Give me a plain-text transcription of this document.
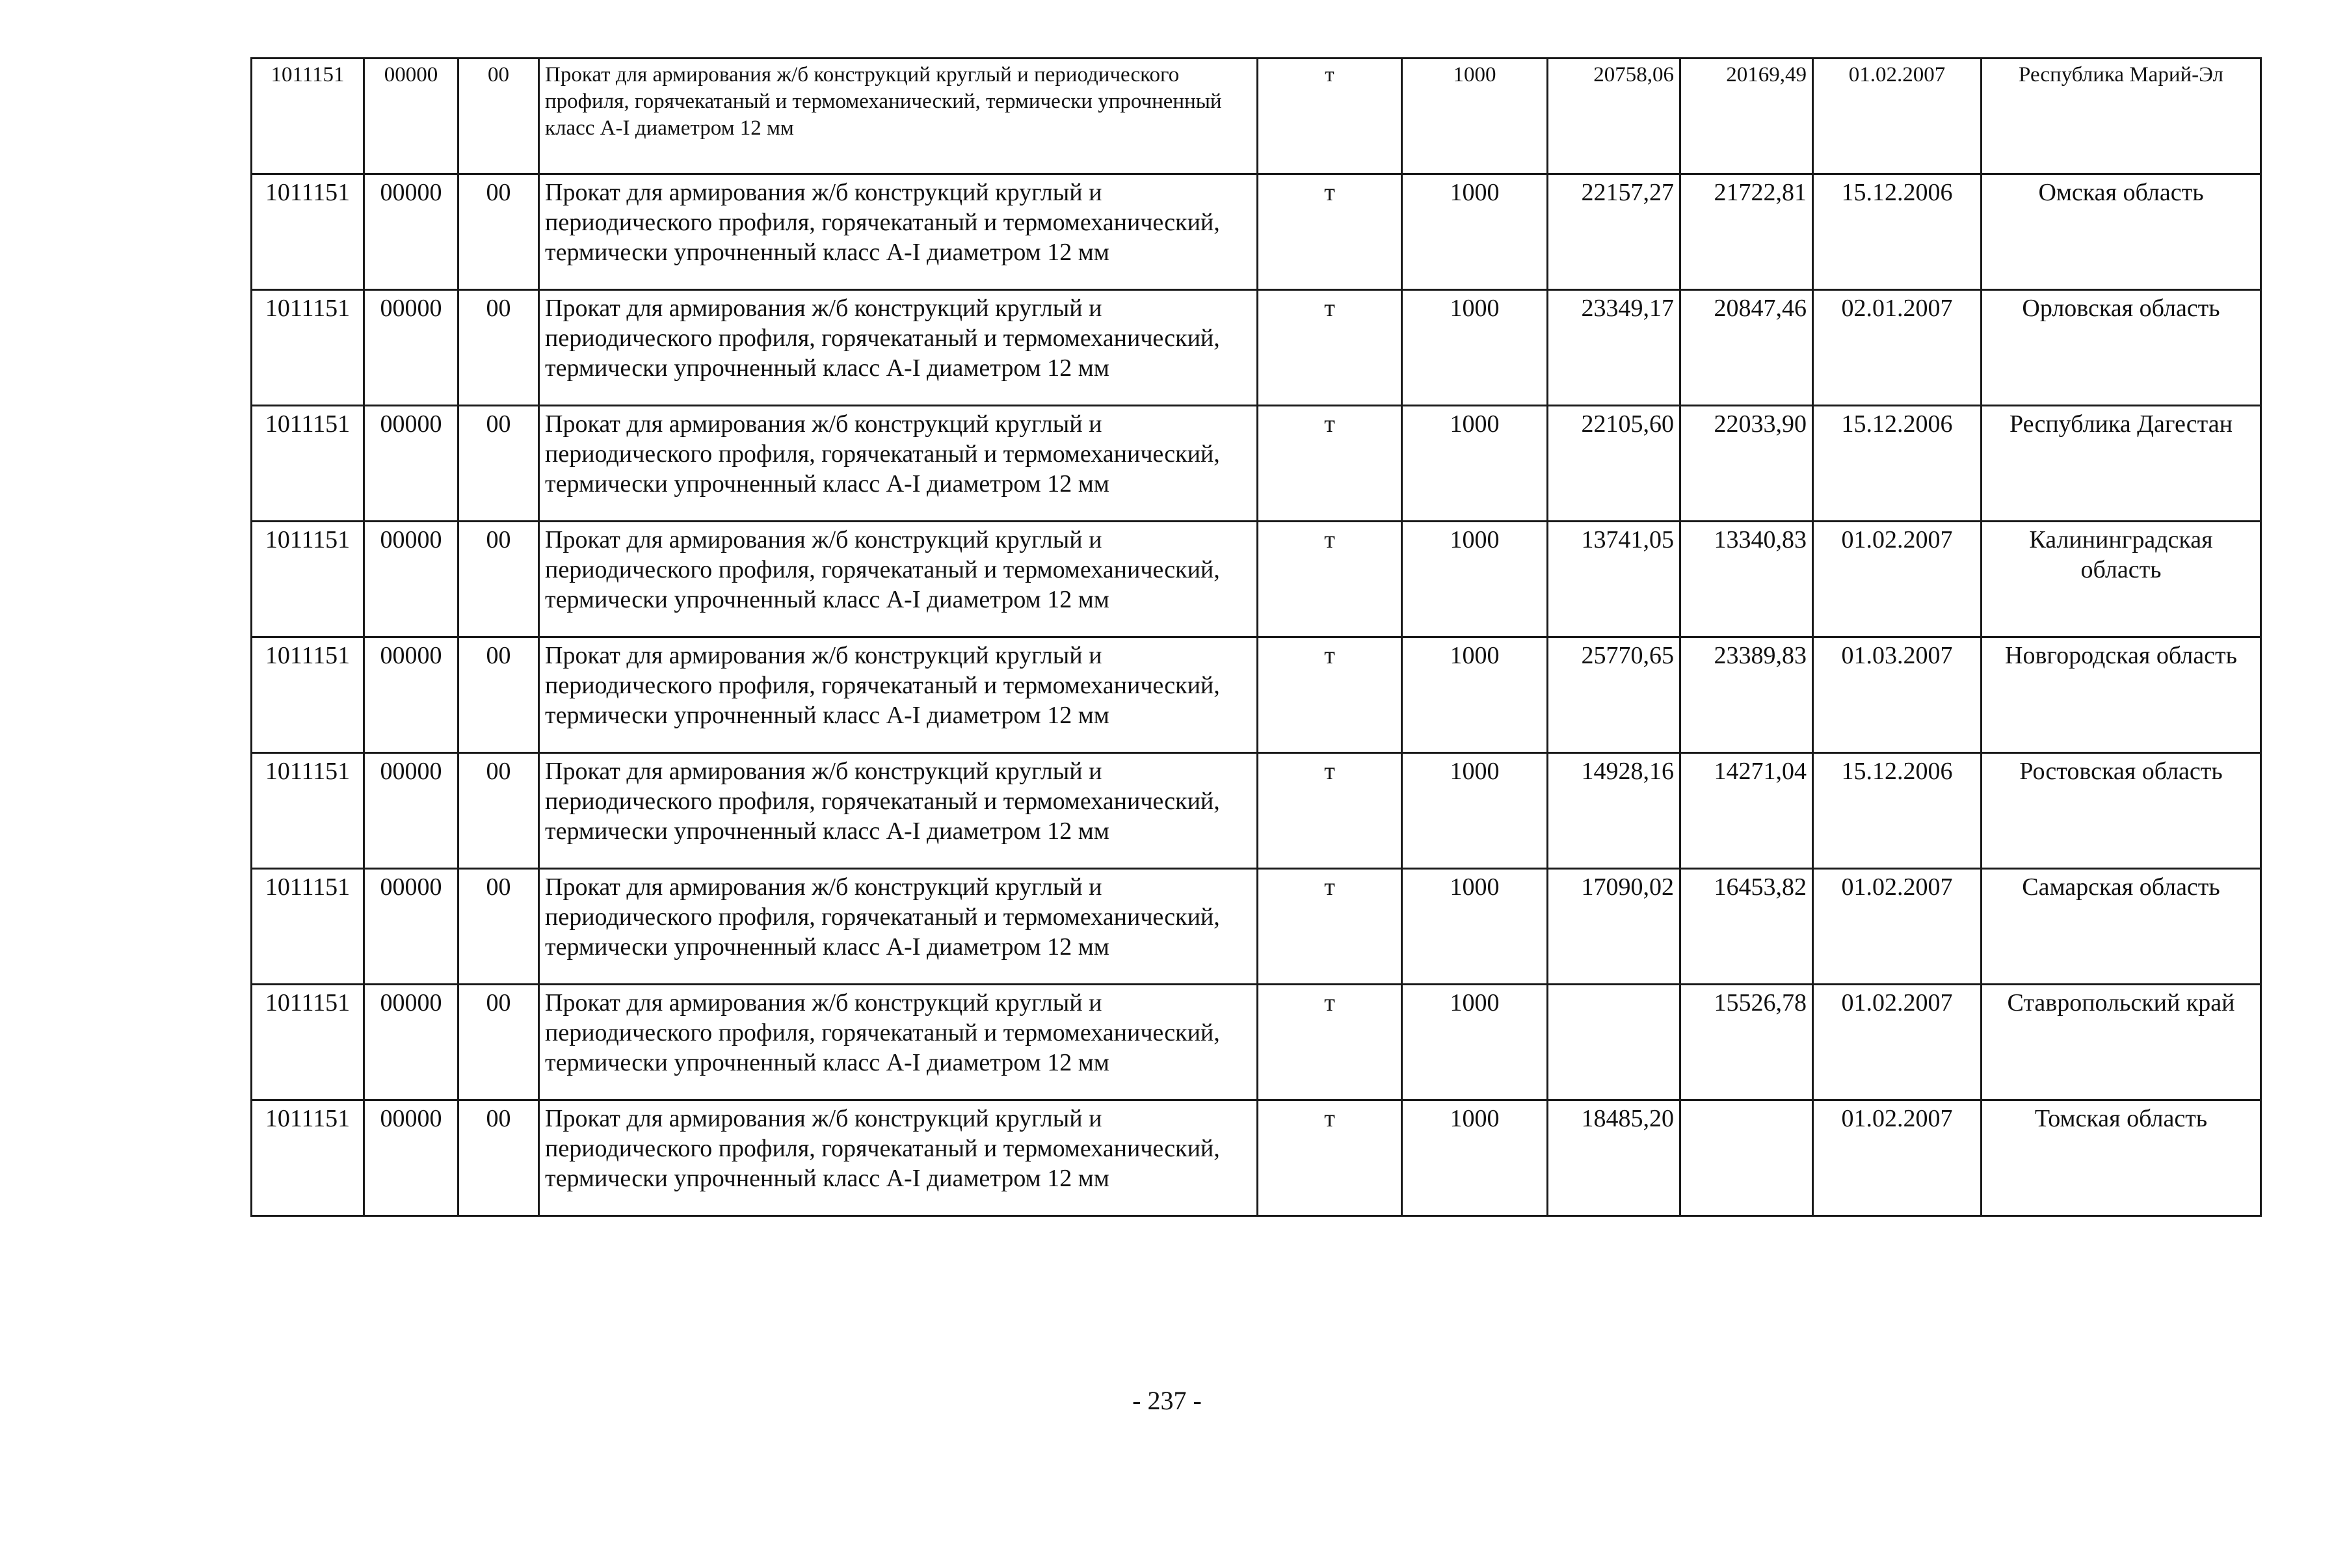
1011151	00000	00	Прокат для армирования ж/б конструкций круглый и периодического профиля, горячекатаный и термомеханический, термически упрочненный класс А-I диаметром 12 мм	т	1000	20758,06	20169,49	01.02.2007	Республика Марий-Эл
1011151	00000	00	Прокат для армирования ж/б конструкций круглый и периодического профиля, горячекатаный и термомеханический, термически упрочненный класс А-I диаметром 12 мм	т	1000	22157,27	21722,81	15.12.2006	Омская область
1011151	00000	00	Прокат для армирования ж/б конструкций круглый и периодического профиля, горячекатаный и термомеханический, термически упрочненный класс А-I диаметром 12 мм	т	1000	23349,17	20847,46	02.01.2007	Орловская область
1011151	00000	00	Прокат для армирования ж/б конструкций круглый и периодического профиля, горячекатаный и термомеханический, термически упрочненный класс А-I диаметром 12 мм	т	1000	22105,60	22033,90	15.12.2006	Республика Дагестан
1011151	00000	00	Прокат для армирования ж/б конструкций круглый и периодического профиля, горячекатаный и термомеханический, термически упрочненный класс А-I диаметром 12 мм	т	1000	13741,05	13340,83	01.02.2007	Калининградская область
1011151	00000	00	Прокат для армирования ж/б конструкций круглый и периодического профиля, горячекатаный и термомеханический, термически упрочненный класс А-I диаметром 12 мм	т	1000	25770,65	23389,83	01.03.2007	Новгородская область
1011151	00000	00	Прокат для армирования ж/б конструкций круглый и периодического профиля, горячекатаный и термомеханический, термически упрочненный класс А-I диаметром 12 мм	т	1000	14928,16	14271,04	15.12.2006	Ростовская область
1011151	00000	00	Прокат для армирования ж/б конструкций круглый и периодического профиля, горячекатаный и термомеханический, термически упрочненный класс А-I диаметром 12 мм	т	1000	17090,02	16453,82	01.02.2007	Самарская область
1011151	00000	00	Прокат для армирования ж/б конструкций круглый и периодического профиля, горячекатаный и термомеханический, термически упрочненный класс А-I диаметром 12 мм	т	1000		15526,78	01.02.2007	Ставропольский край
1011151	00000	00	Прокат для армирования ж/б конструкций круглый и периодического профиля, горячекатаный и термомеханический, термически упрочненный класс А-I диаметром 12 мм	т	1000	18485,20		01.02.2007	Томская область
- 237 -
